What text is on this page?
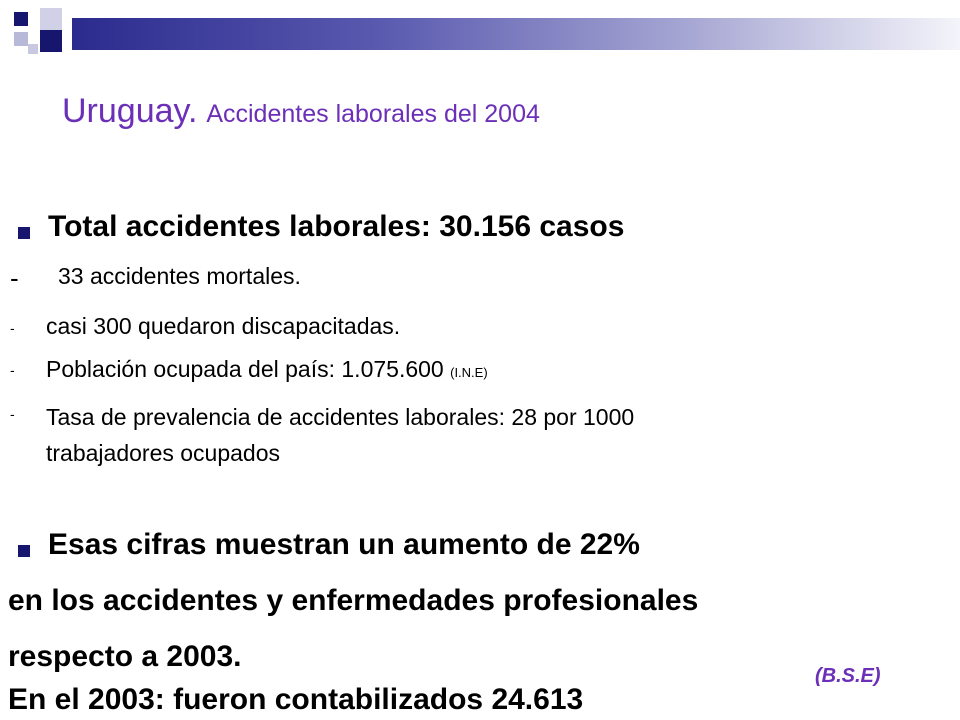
Uruguay. Accidentes laborales del 2004

Total accidentes laborales: 30.156 casos

- 33 accidentes mortales.

- casi 300 quedaron discapacitadas.

- Población ocupada del país: 1.075.600 (I.N.E)

- Tasa de prevalencia de accidentes laborales: 28 por 1000
trabajadores ocupados

Esas cifras muestran un aumento de 22%

en los accidentes y enfermedades profesionales

respecto a 2003.

En el 2003: fueron contabilizados 24.613

(B.S.E)
